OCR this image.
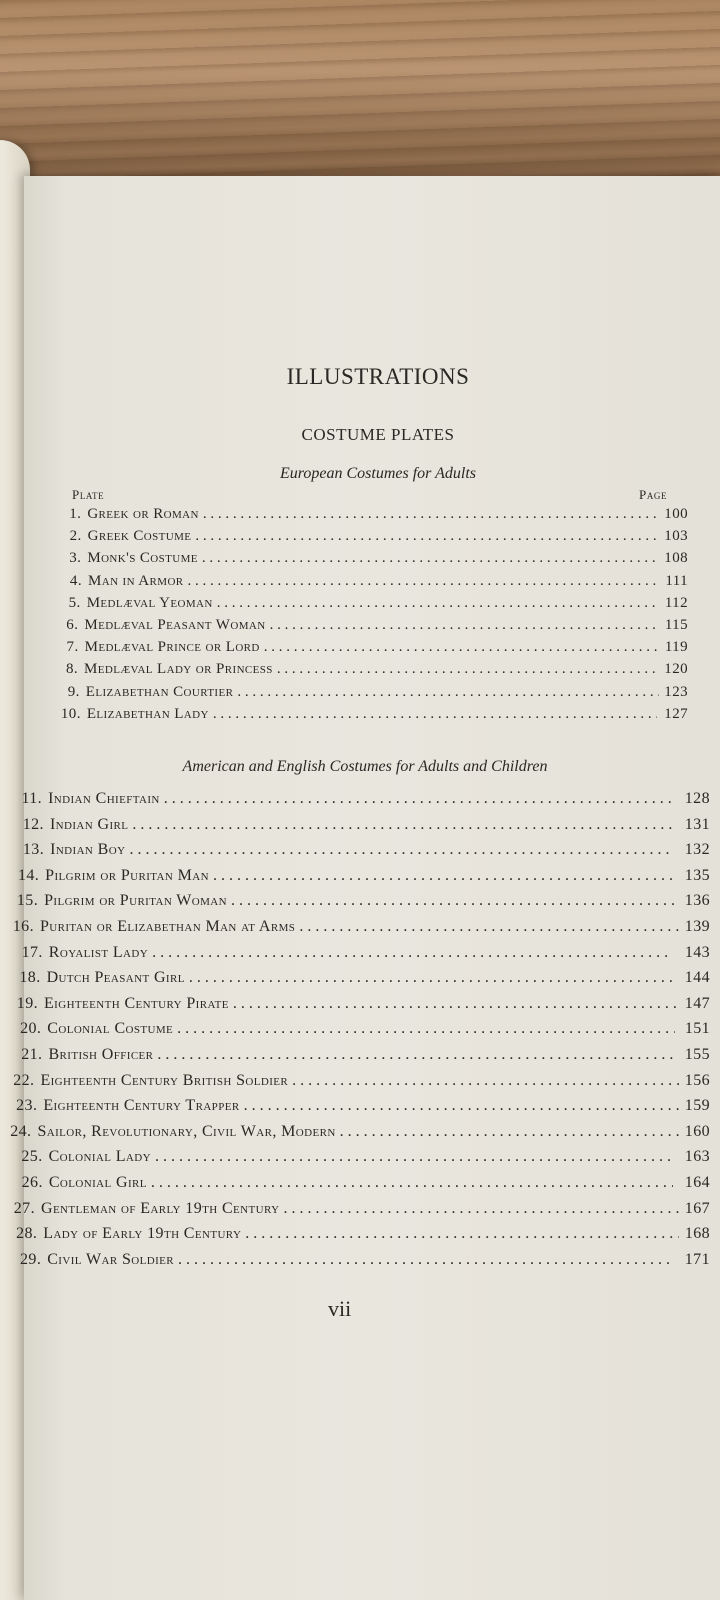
ILLUSTRATIONS
COSTUME PLATES
European Costumes for Adults
Plate	Page
1. Greek or Roman . . .	100
2. Greek Costume . . .	103
3. Monk's Costume . . .	108
4. Man in Armor . . .	111
5. Medlæval Yeoman . . .	112
6. Medlæval Peasant Woman . . .	115
7. Medlæval Prince or Lord . . .	119
8. Medlæval Lady or Princess . . .	120
9. Elizabethan Courtier . . .	123
10. Elizabethan Lady . . .	127
American and English Costumes for Adults and Children
11. Indian Chieftain . . .	128
12. Indian Girl . . .	131
13. Indian Boy . . .	132
14. Pilgrim or Puritan Man . . .	135
15. Pilgrim or Puritan Woman . . .	136
16. Puritan or Elizabethan Man at Arms . . .	139
17. Royalist Lady . . .	143
18. Dutch Peasant Girl . . .	144
19. Eighteenth Century Pirate . . .	147
20. Colonial Costume . . .	151
21. British Officer . . .	155
22. Eighteenth Century British Soldier . . .	156
23. Eighteenth Century Trapper . . .	159
24. Sailor, Revolutionary, Civil War, Modern . . .	160
25. Colonial Lady . . .	163
26. Colonial Girl . . .	164
27. Gentleman of Early 19th Century . . .	167
28. Lady of Early 19th Century . . .	168
29. Civil War Soldier . . .	171
vii
